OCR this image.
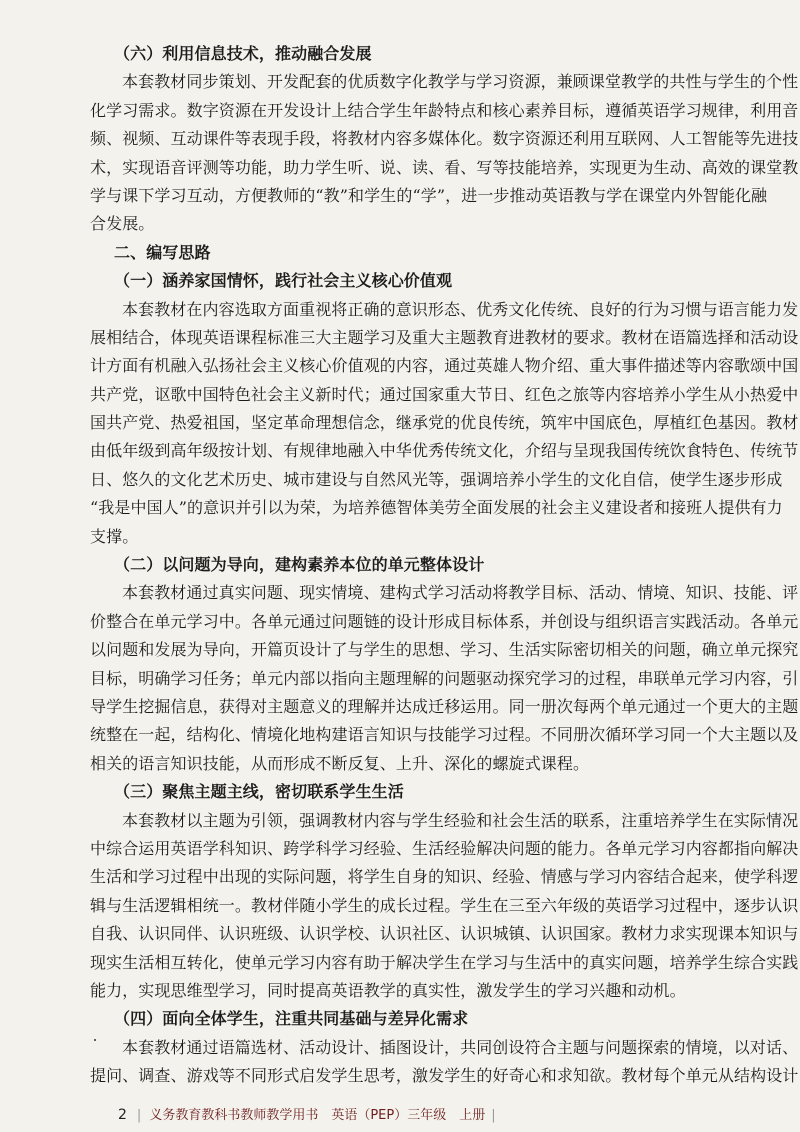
（六）利用信息技术，推动融合发展
本套教材同步策划、开发配套的优质数字化教学与学习资源，兼顾课堂教学的共性与学生的个性
化学习需求。数字资源在开发设计上结合学生年龄特点和核心素养目标，遵循英语学习规律，利用音
频、视频、互动课件等表现手段，将教材内容多媒体化。数字资源还利用互联网、人工智能等先进技
术，实现语音评测等功能，助力学生听、说、读、看、写等技能培养，实现更为生动、高效的课堂教
学与课下学习互动，方便教师的“教”和学生的“学”，进一步推动英语教与学在课堂内外智能化融
合发展。
二、编写思路
（一）涵养家国情怀，践行社会主义核心价值观
本套教材在内容选取方面重视将正确的意识形态、优秀文化传统、良好的行为习惯与语言能力发
展相结合，体现英语课程标准三大主题学习及重大主题教育进教材的要求。教材在语篇选择和活动设
计方面有机融入弘扬社会主义核心价值观的内容，通过英雄人物介绍、重大事件描述等内容歌颂中国
共产党，讴歌中国特色社会主义新时代；通过国家重大节日、红色之旅等内容培养小学生从小热爱中
国共产党、热爱祖国，坚定革命理想信念，继承党的优良传统，筑牢中国底色，厚植红色基因。教材
由低年级到高年级按计划、有规律地融入中华优秀传统文化，介绍与呈现我国传统饮食特色、传统节
日、悠久的文化艺术历史、城市建设与自然风光等，强调培养小学生的文化自信，使学生逐步形成
“我是中国人”的意识并引以为荣，为培养德智体美劳全面发展的社会主义建设者和接班人提供有力
支撑。
（二）以问题为导向，建构素养本位的单元整体设计
本套教材通过真实问题、现实情境、建构式学习活动将教学目标、活动、情境、知识、技能、评
价整合在单元学习中。各单元通过问题链的设计形成目标体系，并创设与组织语言实践活动。各单元
以问题和发展为导向，开篇页设计了与学生的思想、学习、生活实际密切相关的问题，确立单元探究
目标，明确学习任务；单元内部以指向主题理解的问题驱动探究学习的过程，串联单元学习内容，引
导学生挖掘信息，获得对主题意义的理解并达成迁移运用。同一册次每两个单元通过一个更大的主题
统整在一起，结构化、情境化地构建语言知识与技能学习过程。不同册次循环学习同一个大主题以及
相关的语言知识技能，从而形成不断反复、上升、深化的螺旋式课程。
（三）聚焦主题主线，密切联系学生生活
本套教材以主题为引领，强调教材内容与学生经验和社会生活的联系，注重培养学生在实际情况
中综合运用英语学科知识、跨学科学习经验、生活经验解决问题的能力。各单元学习内容都指向解决
生活和学习过程中出现的实际问题，将学生自身的知识、经验、情感与学习内容结合起来，使学科逻
辑与生活逻辑相统一。教材伴随小学生的成长过程。学生在三至六年级的英语学习过程中，逐步认识
自我、认识同伴、认识班级、认识学校、认识社区、认识城镇、认识国家。教材力求实现课本知识与
现实生活相互转化，使单元学习内容有助于解决学生在学习与生活中的真实问题，培养学生综合实践
能力，实现思维型学习，同时提高英语教学的真实性，激发学生的学习兴趣和动机。
（四）面向全体学生，注重共同基础与差异化需求
本套教材通过语篇选材、活动设计、插图设计，共同创设符合主题与问题探索的情境，以对话、
提问、调查、游戏等不同形式启发学生思考，激发学生的好奇心和求知欲。教材每个单元从结构设计
2 | 义务教育教科书教师教学用书　英语（PEP）三年级　上册 |
